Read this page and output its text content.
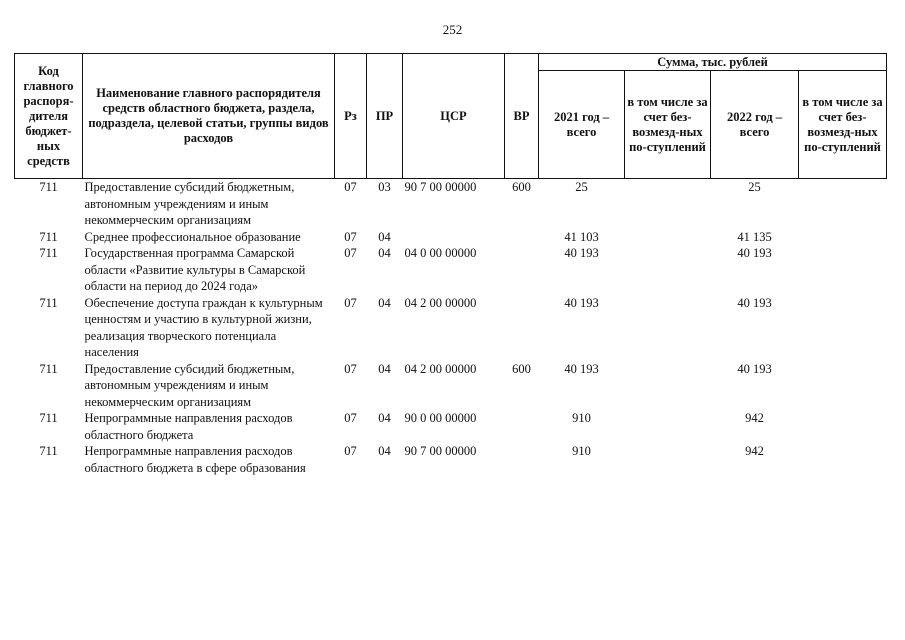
252
Код главного распоря-дителя бюджет-ных средств	Наименование главного распорядителя средств областного бюджета, раздела, подраздела, целевой статьи, группы видов расходов	Рз	ПР	ЦСР	ВР	Сумма, тыс. рублей			
						2021 год – всего	в том числе за счет без-возмезд-ных по-ступлений	2022 год – всего	в том числе за счет без-возмезд-ных по-ступлений
711	Предоставление субсидий бюджетным, автономным учреждениям и иным некоммерческим организациям	07	03	90 7 00 00000	600	25		25	
711	Среднее профессиональное образование	07	04			41 103		41 135	
711	Государственная программа Самарской области «Развитие культуры в Самарской области на период до 2024 года»	07	04	04 0 00 00000		40 193		40 193	
711	Обеспечение доступа граждан к культурным ценностям и участию в культурной жизни, реализация творческого потенциала населения	07	04	04 2 00 00000		40 193		40 193	
711	Предоставление субсидий бюджетным, автономным учреждениям и иным некоммерческим организациям	07	04	04 2 00 00000	600	40 193		40 193	
711	Непрограммные направления расходов областного бюджета	07	04	90 0 00 00000		910		942	
711	Непрограммные направления расходов областного бюджета в сфере образования	07	04	90 7 00 00000		910		942	
